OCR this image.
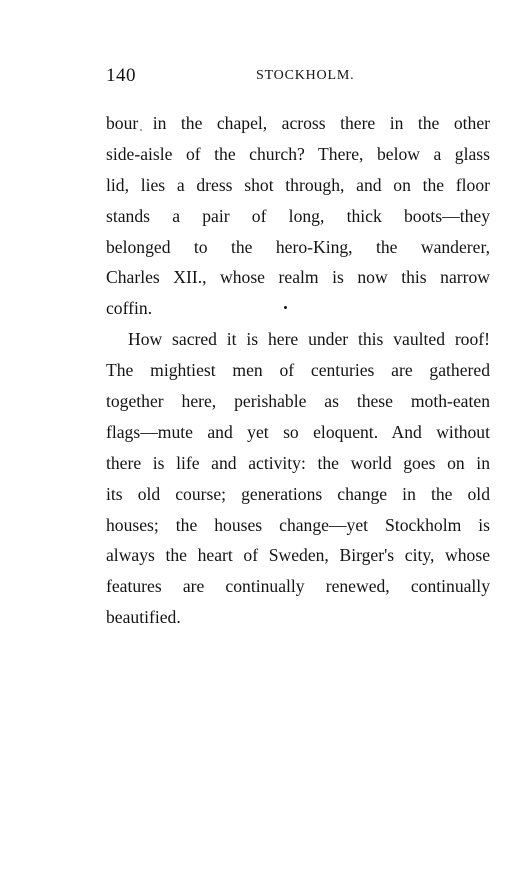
140	STOCKHOLM.
bour in the chapel, across there in the other
side-aisle of the church? There, below a glass
lid, lies a dress shot through, and on the floor
stands a pair of long, thick boots—they
belonged to the hero-King, the wanderer,
Charles XII., whose realm is now this narrow
coffin.
How sacred it is here under this vaulted roof!
The mightiest men of centuries are gathered
together here, perishable as these moth-eaten
flags—mute and yet so eloquent. And without
there is life and activity: the world goes on in
its old course; generations change in the old
houses; the houses change—yet Stockholm is
always the heart of Sweden, Birger's city, whose
features are continually renewed, continually
beautified.
